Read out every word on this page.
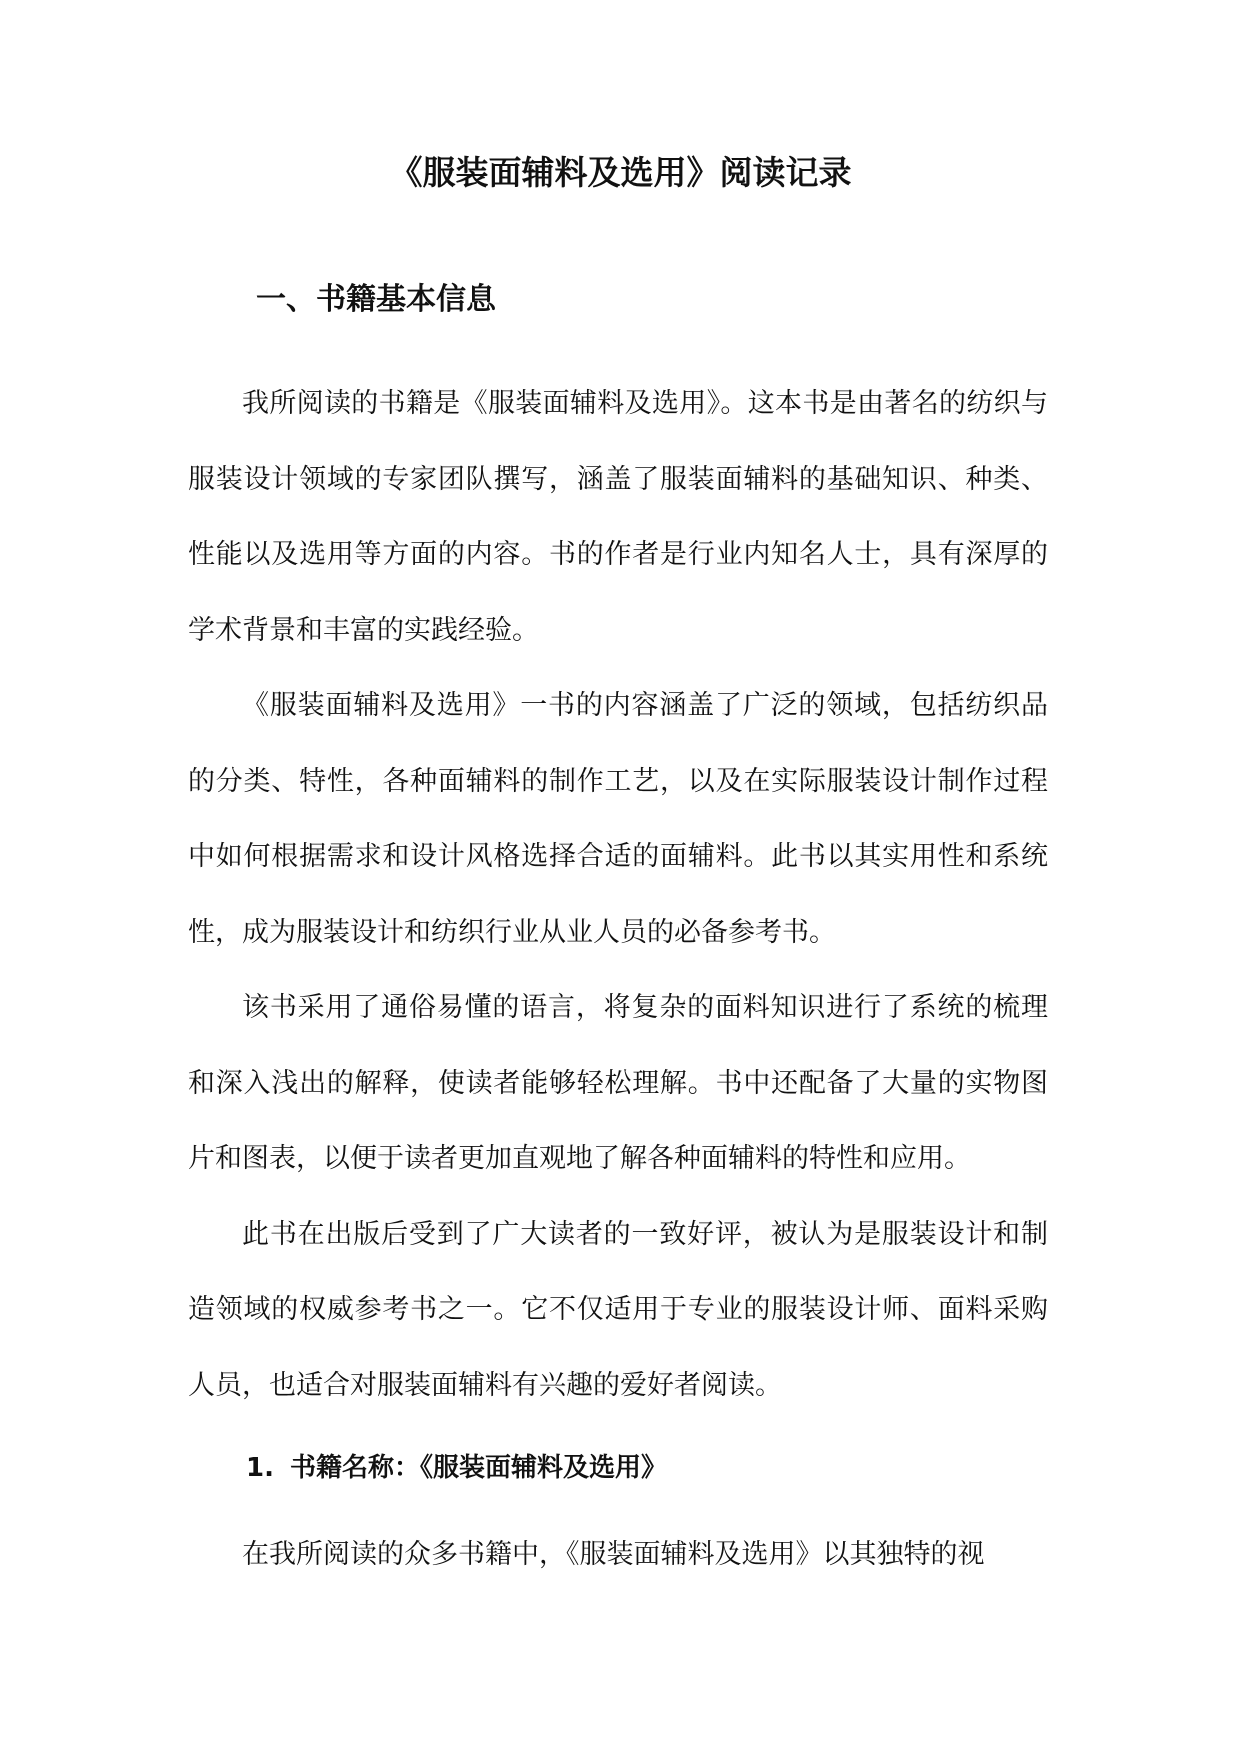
《服装面辅料及选用》阅读记录
一、书籍基本信息

我所阅读的书籍是《服装面辅料及选用》。这本书是由著名的纺织与服装设计领域的专家团队撰写，涵盖了服装面辅料的基础知识、种类、性能以及选用等方面的内容。书的作者是行业内知名人士，具有深厚的学术背景和丰富的实践经验。

《服装面辅料及选用》一书的内容涵盖了广泛的领域，包括纺织品的分类、特性，各种面辅料的制作工艺，以及在实际服装设计制作过程中如何根据需求和设计风格选择合适的面辅料。此书以其实用性和系统性，成为服装设计和纺织行业从业人员的必备参考书。

该书采用了通俗易懂的语言，将复杂的面料知识进行了系统的梳理和深入浅出的解释，使读者能够轻松理解。书中还配备了大量的实物图片和图表，以便于读者更加直观地了解各种面辅料的特性和应用。

此书在出版后受到了广大读者的一致好评，被认为是服装设计和制造领域的权威参考书之一。它不仅适用于专业的服装设计师、面料采购人员，也适合对服装面辅料有兴趣的爱好者阅读。

1. 书籍名称：《服装面辅料及选用》

在我所阅读的众多书籍中，《服装面辅料及选用》以其独特的视
